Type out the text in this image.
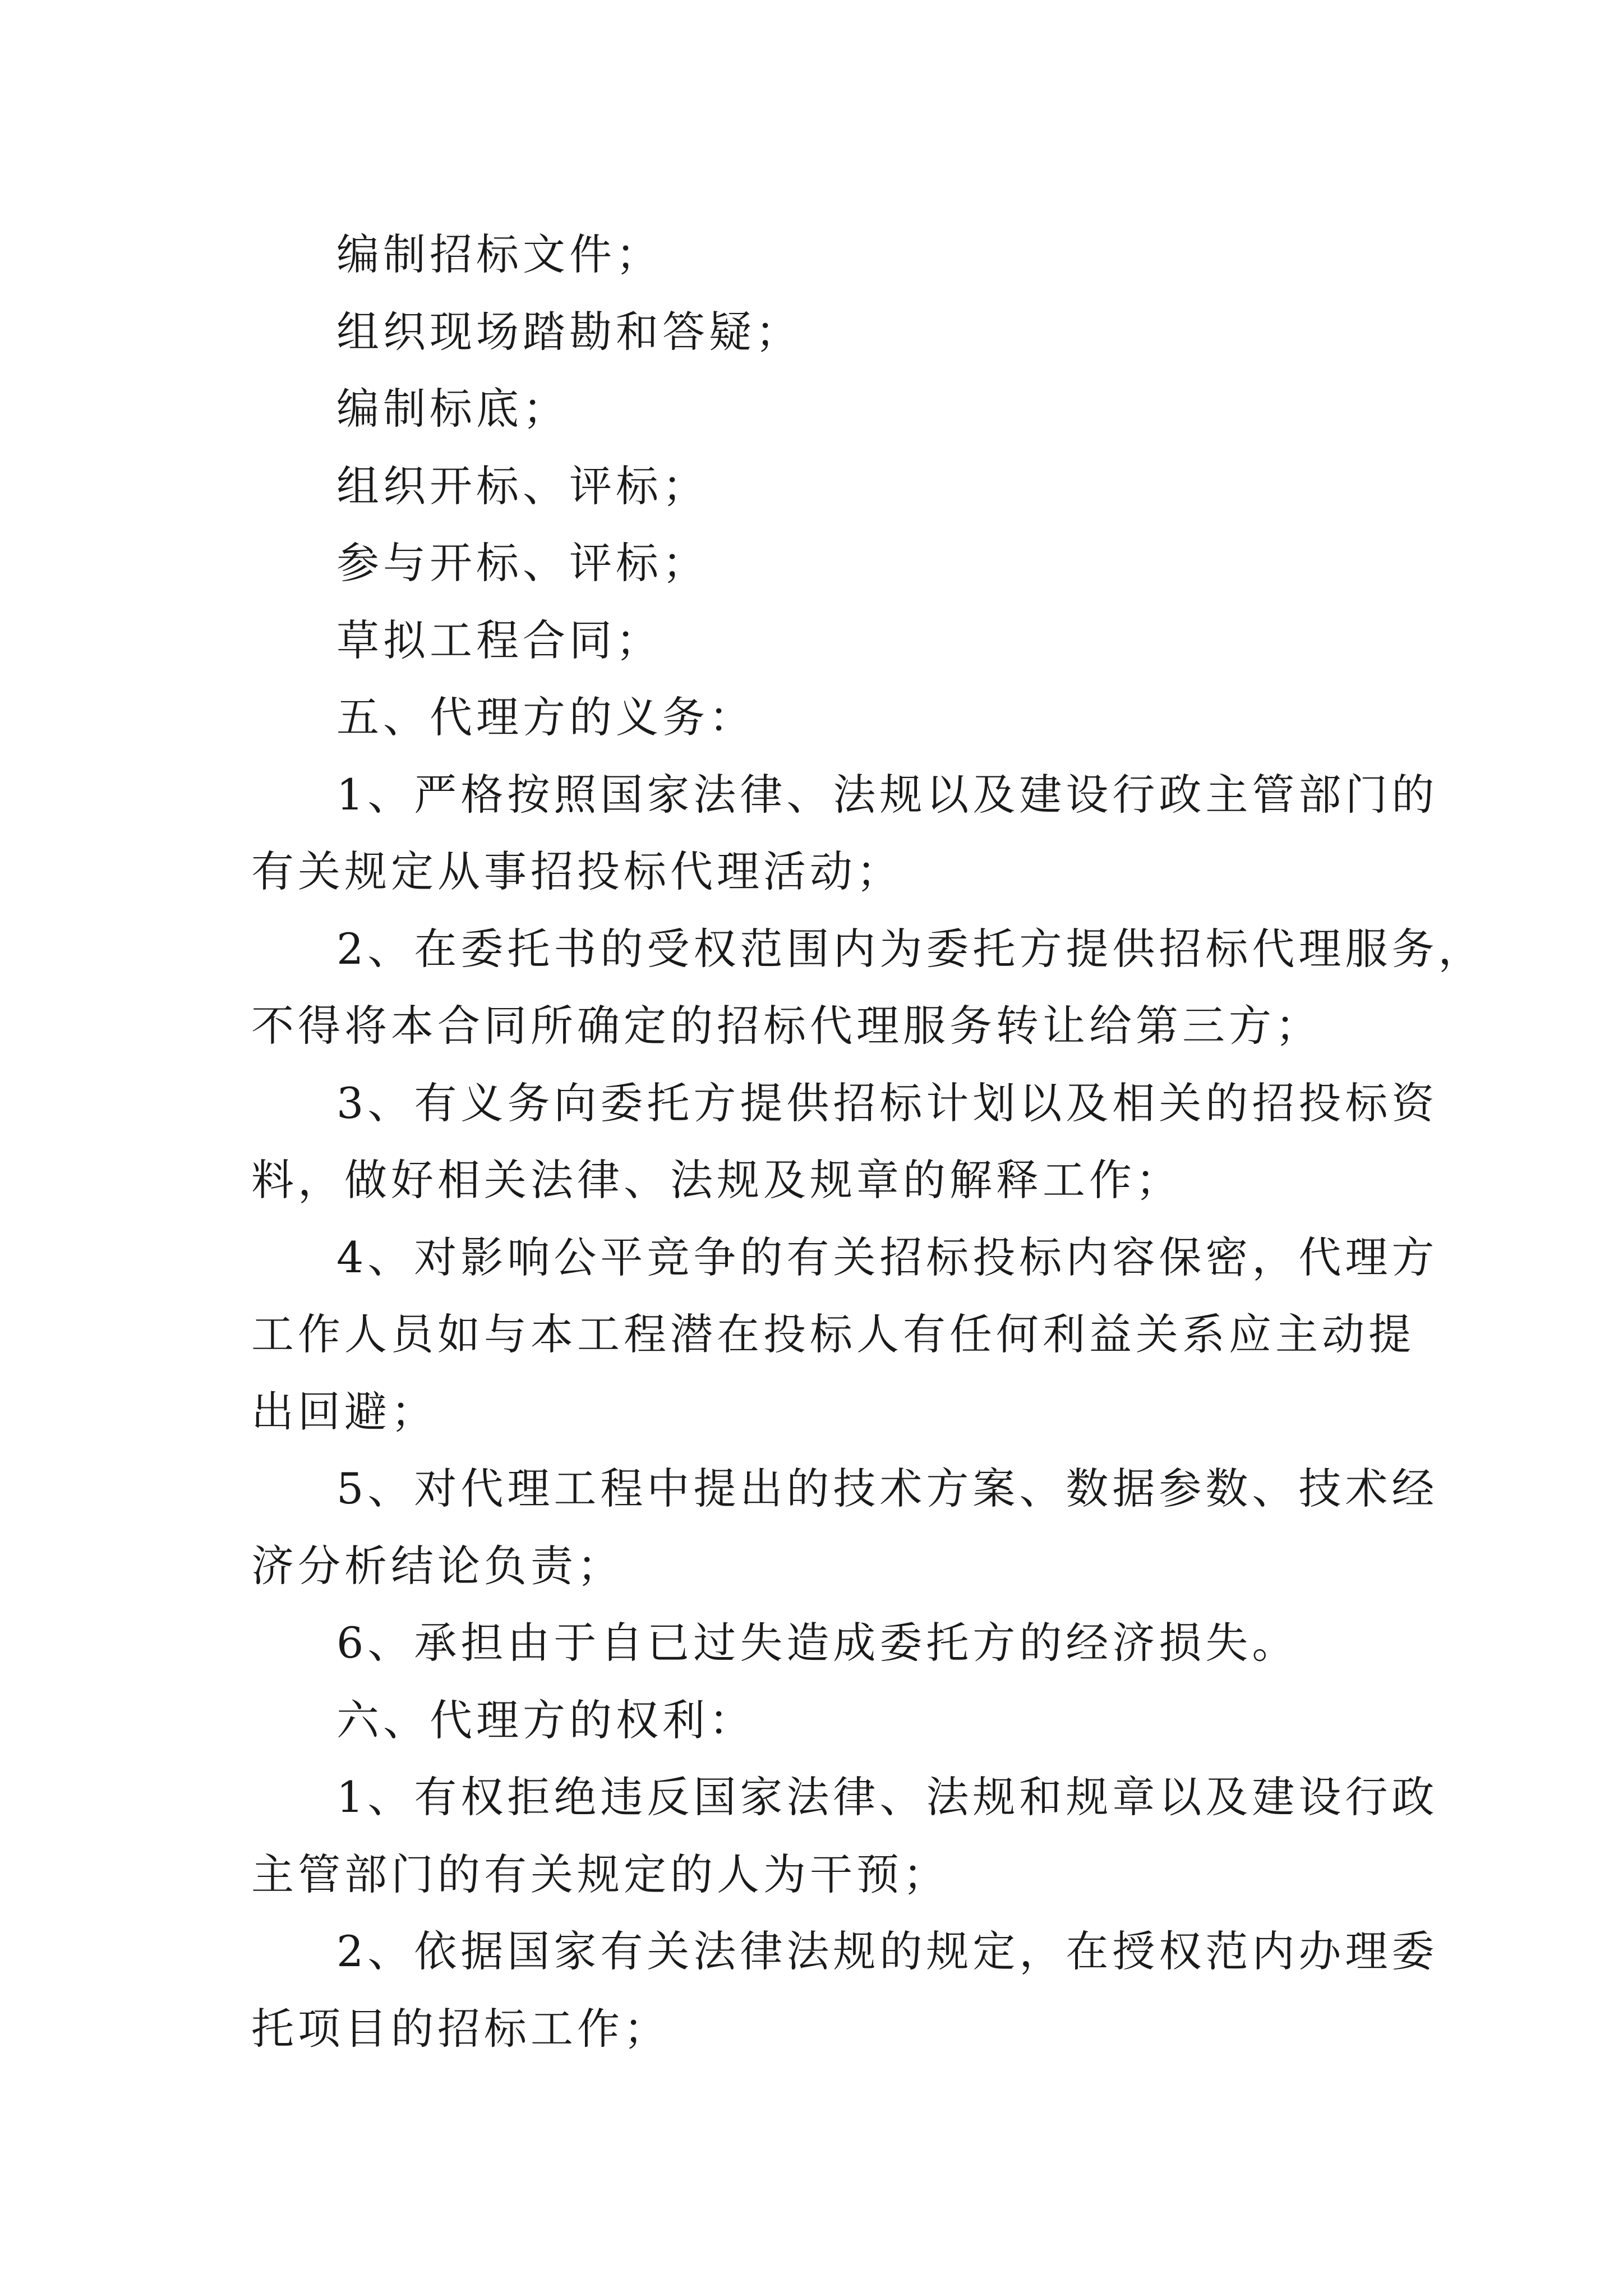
编制招标文件；
组织现场踏勘和答疑；
编制标底；
组织开标、评标；
参与开标、评标；
草拟工程合同；
五、代理方的义务：
1、严格按照国家法律、法规以及建设行政主管部门的
有关规定从事招投标代理活动；
2、在委托书的受权范围内为委托方提供招标代理服务，
不得将本合同所确定的招标代理服务转让给第三方；
3、有义务向委托方提供招标计划以及相关的招投标资
料，做好相关法律、法规及规章的解释工作；
4、对影响公平竞争的有关招标投标内容保密，代理方
工作人员如与本工程潜在投标人有任何利益关系应主动提
出回避；
5、对代理工程中提出的技术方案、数据参数、技术经
济分析结论负责；
6、承担由于自已过失造成委托方的经济损失。
六、代理方的权利：
1、有权拒绝违反国家法律、法规和规章以及建设行政
主管部门的有关规定的人为干预；
2、依据国家有关法律法规的规定，在授权范内办理委
托项目的招标工作；
